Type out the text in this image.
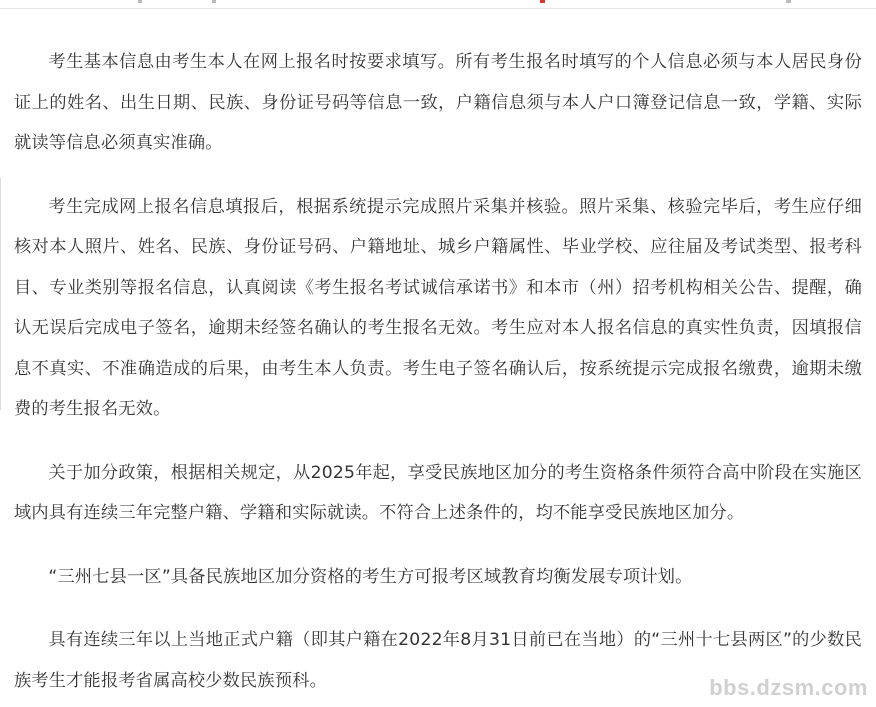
考生基本信息由考生本人在网上报名时按要求填写。所有考生报名时填写的个人信息必须与本人居民身份证上的姓名、出生日期、民族、身份证号码等信息一致，户籍信息须与本人户口簿登记信息一致，学籍、实际就读等信息必须真实准确。

考生完成网上报名信息填报后，根据系统提示完成照片采集并核验。照片采集、核验完毕后，考生应仔细核对本人照片、姓名、民族、身份证号码、户籍地址、城乡户籍属性、毕业学校、应往届及考试类型、报考科目、专业类别等报名信息，认真阅读《考生报名考试诚信承诺书》和本市（州）招考机构相关公告、提醒，确认无误后完成电子签名，逾期未经签名确认的考生报名无效。考生应对本人报名信息的真实性负责，因填报信息不真实、不准确造成的后果，由考生本人负责。考生电子签名确认后，按系统提示完成报名缴费，逾期未缴费的考生报名无效。

关于加分政策，根据相关规定，从2025年起，享受民族地区加分的考生资格条件须符合高中阶段在实施区域内具有连续三年完整户籍、学籍和实际就读。不符合上述条件的，均不能享受民族地区加分。

“三州七县一区”具备民族地区加分资格的考生方可报考区域教育均衡发展专项计划。

具有连续三年以上当地正式户籍（即其户籍在2022年8月31日前已在当地）的“三州十七县两区”的少数民族考生才能报考省属高校少数民族预科。	bbs.dzsm.com
